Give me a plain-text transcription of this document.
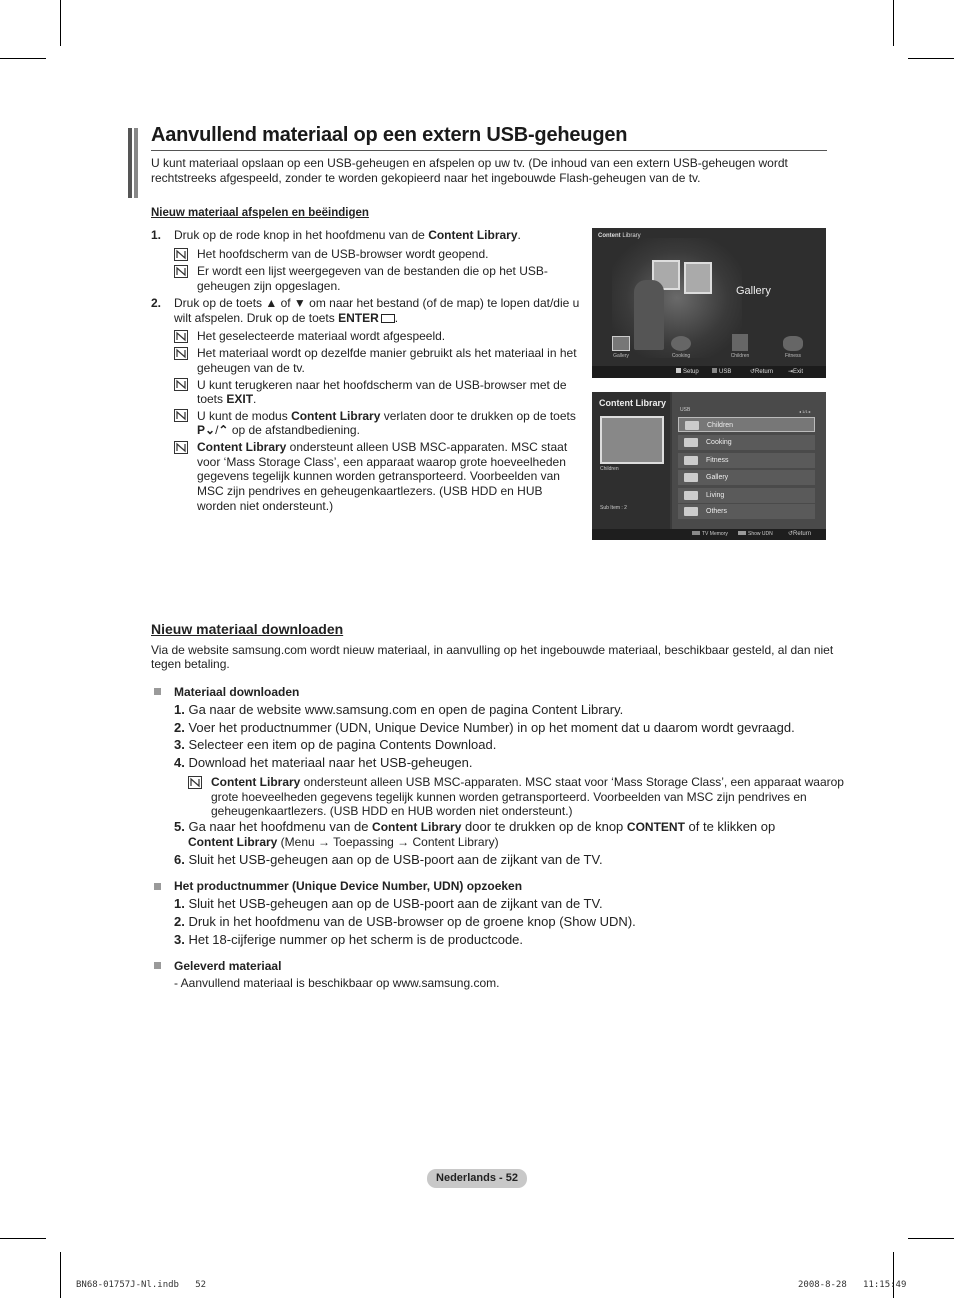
Aanvullend materiaal op een extern USB-geheugen
U kunt materiaal opslaan op een USB-geheugen en afspelen op uw tv. (De inhoud van een extern USB-geheugen wordt rechtstreeks afgespeeld, zonder te worden gekopieerd naar het ingebouwde Flash-geheugen van de tv.
Nieuw materiaal afspelen en beëindigen
1. Druk op de rode knop in het hoofdmenu van de Content Library.
Het hoofdscherm van de USB-browser wordt geopend.
Er wordt een lijst weergegeven van de bestanden die op het USB-
geheugen zijn opgeslagen.
2. Druk op de toets ▲ of ▼ om naar het bestand (of de map) te lopen dat/die u
wilt afspelen. Druk op de toets ENTER .
Het geselecteerde materiaal wordt afgespeeld.
Het materiaal wordt op dezelfde manier gebruikt als het materiaal in het
geheugen van de tv.
U kunt terugkeren naar het hoofdscherm van de USB-browser met de
toets EXIT.
U kunt de modus Content Library verlaten door te drukken op de toets
P⌄/⌃ op de afstandbediening.
Content Library ondersteunt alleen USB MSC-apparaten. MSC staat
voor ‘Mass Storage Class’, een apparaat waarop grote hoeveelheden
gegevens tegelijk kunnen worden getransporteerd. Voorbeelden van
MSC zijn pendrives en geheugenkaartlezers. (USB HDD en HUB
worden niet ondersteunt.)
Content Library
Gallery
Gallery	Cooking	Children	Fitness
Setup	USB	↺Return ⇥Exit
Content Library
USB	◂ 1/1 ▸
Children
Sub Item : 2
Children
Cooking
Fitness
Gallery
Living
Others
TV Memory	Show UDN	↺Return
Nieuw materiaal downloaden
Via de website samsung.com wordt nieuw materiaal, in aanvulling op het ingebouwde materiaal, beschikbaar gesteld, al dan niet
tegen betaling.
Materiaal downloaden
1. Ga naar de website www.samsung.com en open de pagina Content Library.
2. Voer het productnummer (UDN, Unique Device Number) in op het moment dat u daarom wordt gevraagd.
3. Selecteer een item op de pagina Contents Download.
4. Download het materiaal naar het USB-geheugen.
Content Library ondersteunt alleen USB MSC-apparaten. MSC staat voor ‘Mass Storage Class’, een apparaat waarop
grote hoeveelheden gegevens tegelijk kunnen worden getransporteerd. Voorbeelden van MSC zijn pendrives en
geheugenkaartlezers. (USB HDD en HUB worden niet ondersteunt.)
5. Ga naar het hoofdmenu van de Content Library door te drukken op de knop CONTENT of te klikken op
Content Library (Menu → Toepassing → Content Library)
6. Sluit het USB-geheugen aan op de USB-poort aan de zijkant van de TV.
Het productnummer (Unique Device Number, UDN) opzoeken
1. Sluit het USB-geheugen aan op de USB-poort aan de zijkant van de TV.
2. Druk in het hoofdmenu van de USB-browser op de groene knop (Show UDN).
3. Het 18-cijferige nummer op het scherm is de productcode.
Geleverd materiaal
- Aanvullend materiaal is beschikbaar op www.samsung.com.
Nederlands - 52
BN68-01757J-Nl.indb   52	2008-8-28   11:15:49
